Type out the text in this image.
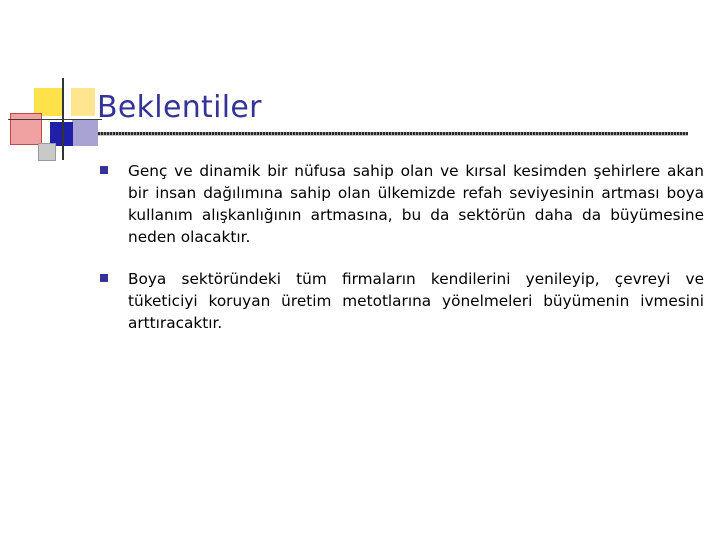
Beklentiler
Genç ve dinamik bir nüfusa sahip olan ve kırsal kesimden şehirlere akan bir insan dağılımına sahip olan ülkemizde refah seviyesinin artması boya kullanım alışkanlığının artmasına, bu da sektörün daha da büyümesine neden olacaktır.
Boya sektöründeki tüm firmaların kendilerini yenileyip, çevreyi ve tüketiciyi koruyan üretim metotlarına yönelmeleri büyümenin ivmesini arttıracaktır.
